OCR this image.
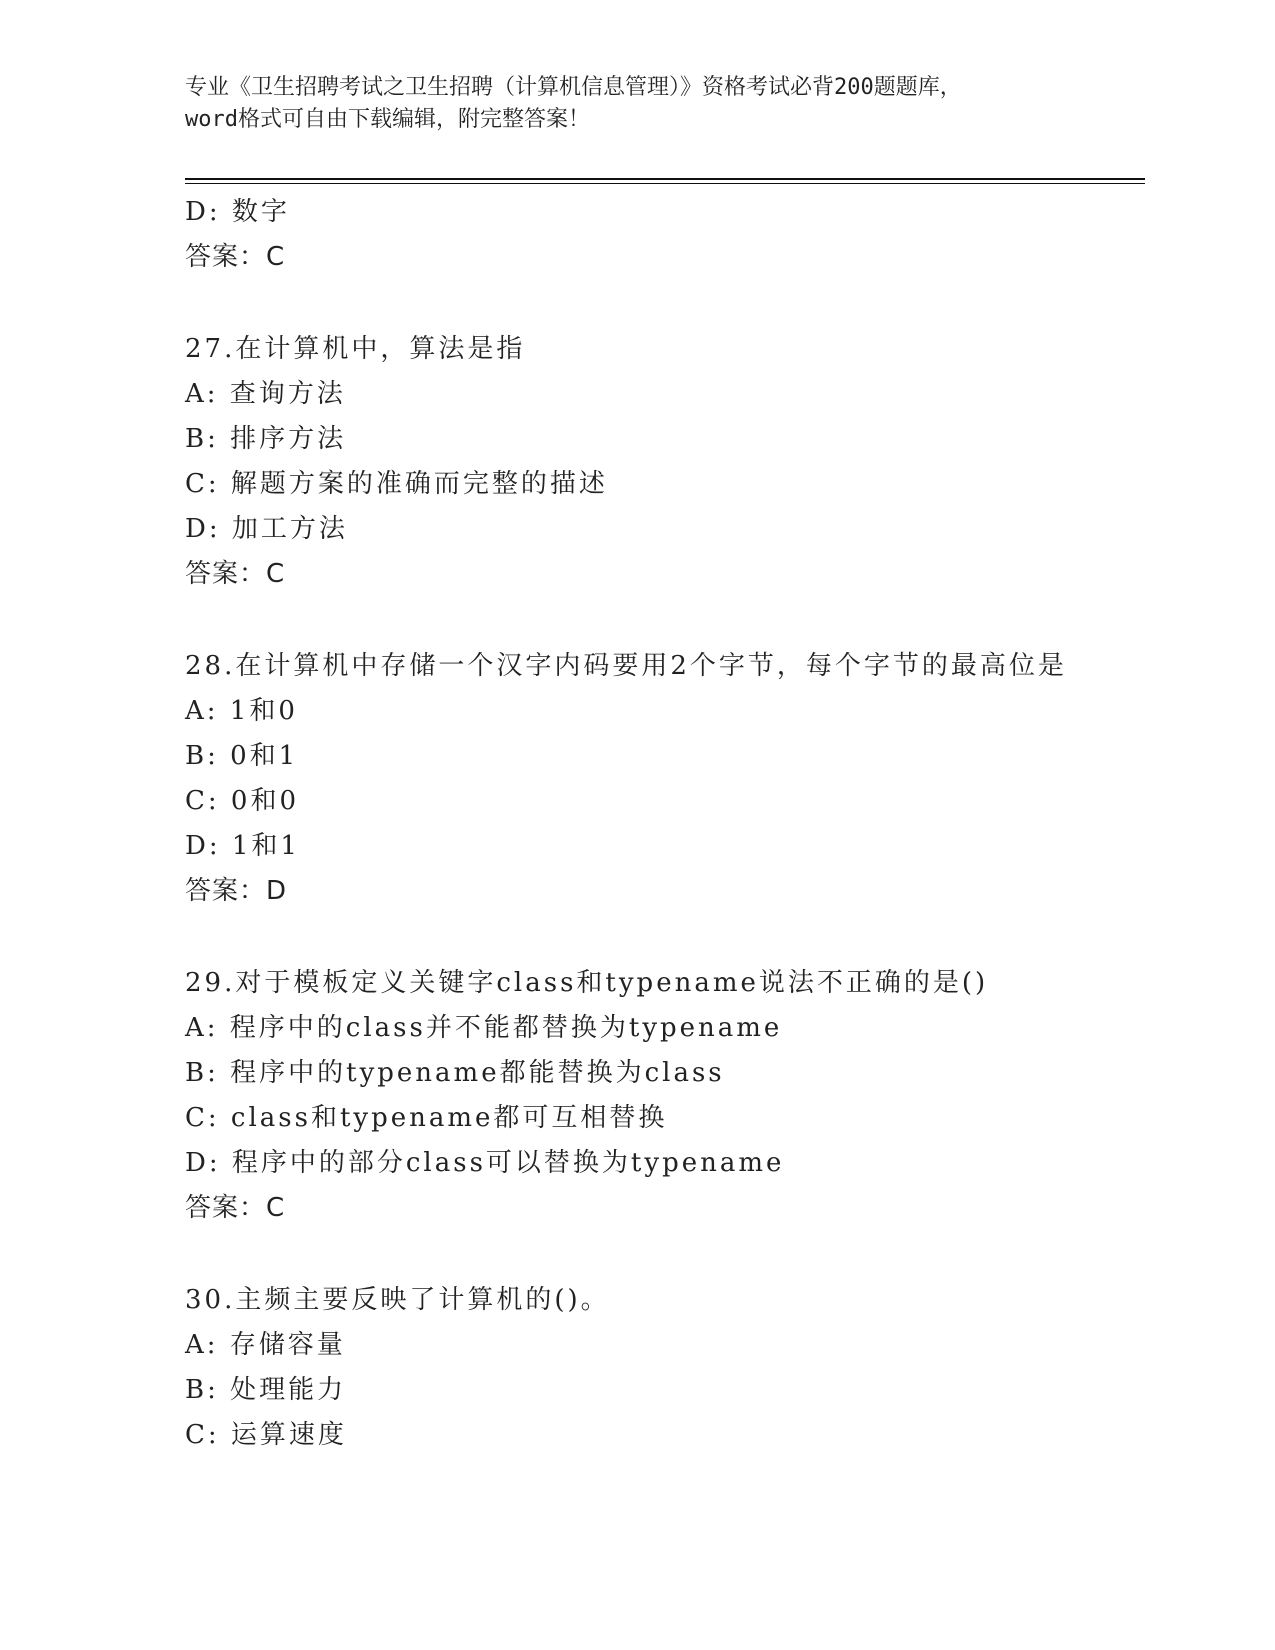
专业《卫生招聘考试之卫生招聘（计算机信息管理）》资格考试必背200题题库，
word格式可自由下载编辑，附完整答案！
D: 数字
答案：C
27.在计算机中，算法是指
A: 查询方法
B: 排序方法
C: 解题方案的准确而完整的描述
D: 加工方法
答案：C
28.在计算机中存储一个汉字内码要用2个字节，每个字节的最高位是
A: 1和0
B: 0和1
C: 0和0
D: 1和1
答案：D
29.对于模板定义关键字class和typename说法不正确的是()
A: 程序中的class并不能都替换为typename
B: 程序中的typename都能替换为class
C: class和typename都可互相替换
D: 程序中的部分class可以替换为typename
答案：C
30.主频主要反映了计算机的()。
A: 存储容量
B: 处理能力
C: 运算速度
